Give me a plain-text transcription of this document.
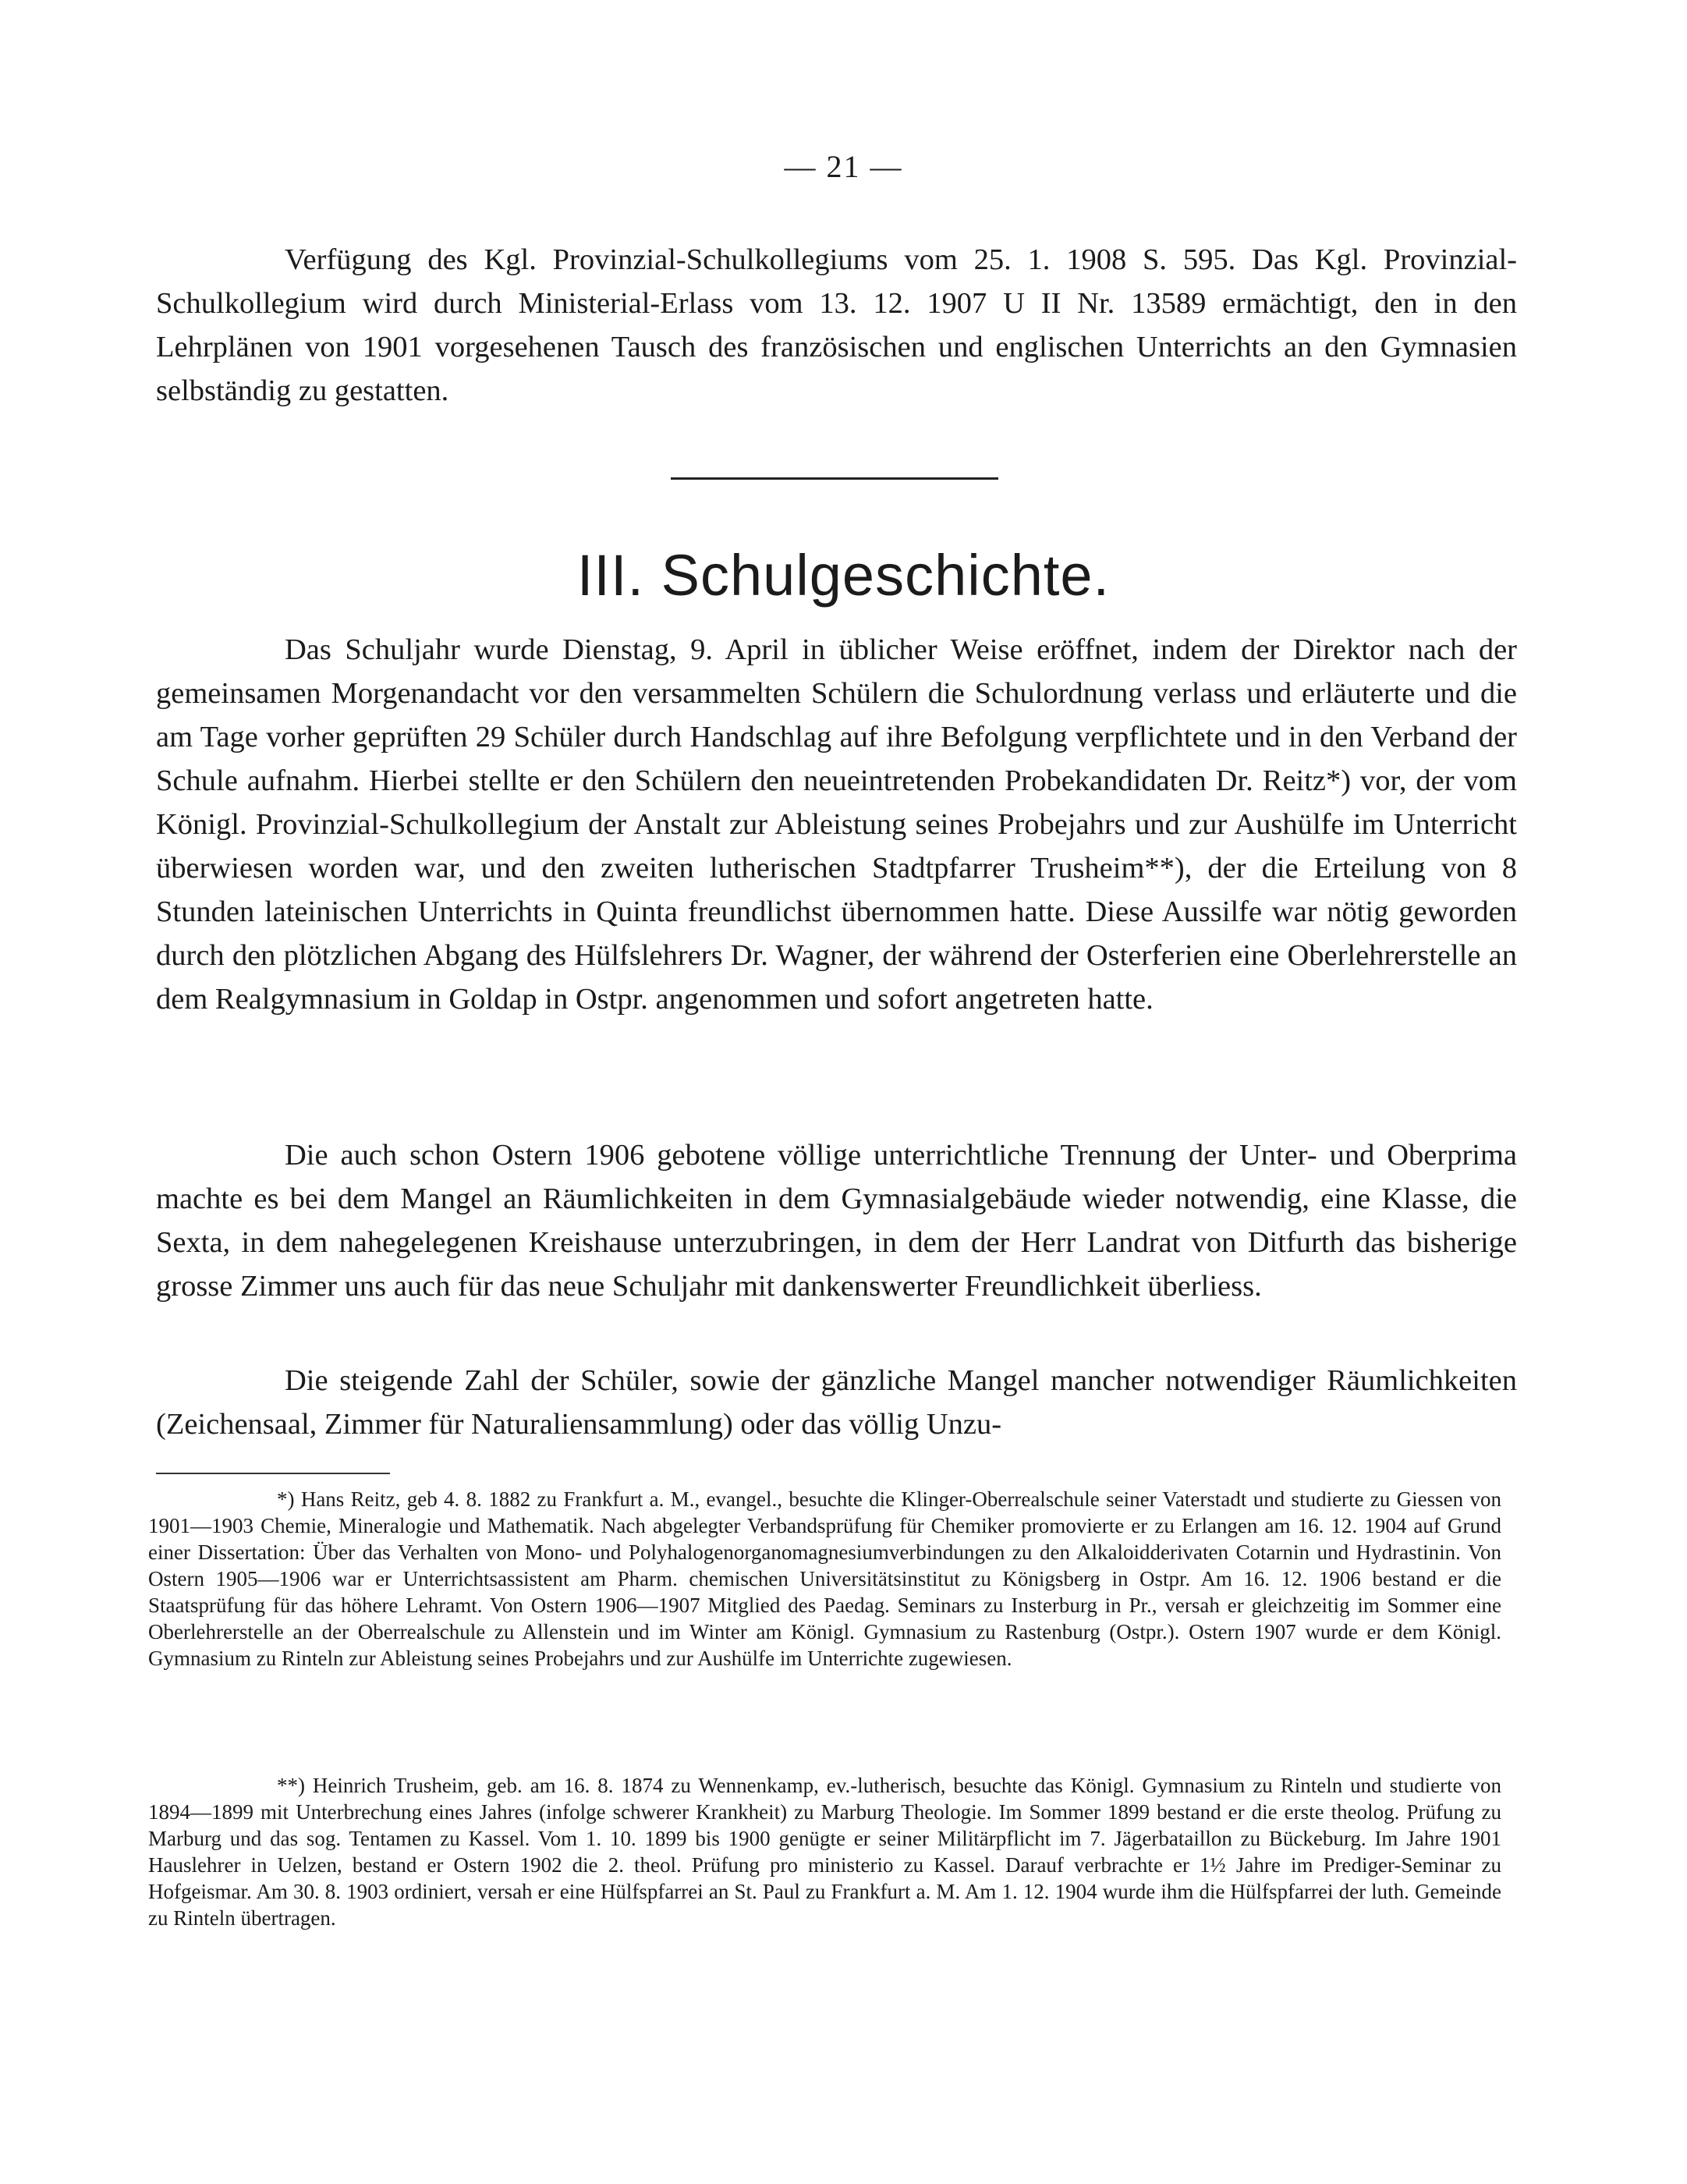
— 21 —

Verfügung des Kgl. Provinzial-Schulkollegiums vom 25. 1. 1908 S. 595. Das Kgl. Provinzial-Schulkollegium wird durch Ministerial-Erlass vom 13. 12. 1907 U II Nr. 13589 ermächtigt, den in den Lehrplänen von 1901 vorgesehenen Tausch des französischen und englischen Unterrichts an den Gymnasien selbständig zu gestatten.

III. Schulgeschichte.

Das Schuljahr wurde Dienstag, 9. April in üblicher Weise eröffnet, indem der Direktor nach der gemeinsamen Morgenandacht vor den versammelten Schülern die Schulordnung verlass und erläuterte und die am Tage vorher geprüften 29 Schüler durch Handschlag auf ihre Befolgung verpflichtete und in den Verband der Schule aufnahm. Hierbei stellte er den Schülern den neueintretenden Probekandidaten Dr. Reitz*) vor, der vom Königl. Provinzial-Schulkollegium der Anstalt zur Ableistung seines Probejahrs und zur Aushülfe im Unterricht überwiesen worden war, und den zweiten lutherischen Stadtpfarrer Trusheim**), der die Erteilung von 8 Stunden lateinischen Unterrichts in Quinta freundlichst übernommen hatte. Diese Aussilfe war nötig geworden durch den plötzlichen Abgang des Hülfslehrers Dr. Wagner, der während der Osterferien eine Oberlehrerstelle an dem Realgymnasium in Goldap in Ostpr. angenommen und sofort angetreten hatte.

Die auch schon Ostern 1906 gebotene völlige unterrichtliche Trennung der Unter- und Oberprima machte es bei dem Mangel an Räumlichkeiten in dem Gymnasialgebäude wieder notwendig, eine Klasse, die Sexta, in dem nahegelegenen Kreishause unterzubringen, in dem der Herr Landrat von Ditfurth das bisherige grosse Zimmer uns auch für das neue Schuljahr mit dankenswerter Freundlichkeit überliess.

Die steigende Zahl der Schüler, sowie der gänzliche Mangel mancher notwendiger Räumlichkeiten (Zeichensaal, Zimmer für Naturaliensammlung) oder das völlig Unzu-

*) Hans Reitz, geb 4. 8. 1882 zu Frankfurt a. M., evangel., besuchte die Klinger-Oberrealschule seiner Vaterstadt und studierte zu Giessen von 1901—1903 Chemie, Mineralogie und Mathematik. Nach abgelegter Verbandsprüfung für Chemiker promovierte er zu Erlangen am 16. 12. 1904 auf Grund einer Dissertation: Über das Verhalten von Mono- und Polyhalogenorganomagnesiumverbindungen zu den Alkaloidderivaten Cotarnin und Hydrastinin. Von Ostern 1905—1906 war er Unterrichtsassistent am Pharm. chemischen Universitätsinstitut zu Königsberg in Ostpr. Am 16. 12. 1906 bestand er die Staatsprüfung für das höhere Lehramt. Von Ostern 1906—1907 Mitglied des Paedag. Seminars zu Insterburg in Pr., versah er gleichzeitig im Sommer eine Oberlehrerstelle an der Oberrealschule zu Allenstein und im Winter am Königl. Gymnasium zu Rastenburg (Ostpr.). Ostern 1907 wurde er dem Königl. Gymnasium zu Rinteln zur Ableistung seines Probejahrs und zur Aushülfe im Unterrichte zugewiesen.

**) Heinrich Trusheim, geb. am 16. 8. 1874 zu Wennenkamp, ev.-lutherisch, besuchte das Königl. Gymnasium zu Rinteln und studierte von 1894—1899 mit Unterbrechung eines Jahres (infolge schwerer Krankheit) zu Marburg Theologie. Im Sommer 1899 bestand er die erste theolog. Prüfung zu Marburg und das sog. Tentamen zu Kassel. Vom 1. 10. 1899 bis 1900 genügte er seiner Militärpflicht im 7. Jägerbataillon zu Bückeburg. Im Jahre 1901 Hauslehrer in Uelzen, bestand er Ostern 1902 die 2. theol. Prüfung pro ministerio zu Kassel. Darauf verbrachte er 1½ Jahre im Prediger-Seminar zu Hofgeismar. Am 30. 8. 1903 ordiniert, versah er eine Hülfspfarrei an St. Paul zu Frankfurt a. M. Am 1. 12. 1904 wurde ihm die Hülfspfarrei der luth. Gemeinde zu Rinteln übertragen.
